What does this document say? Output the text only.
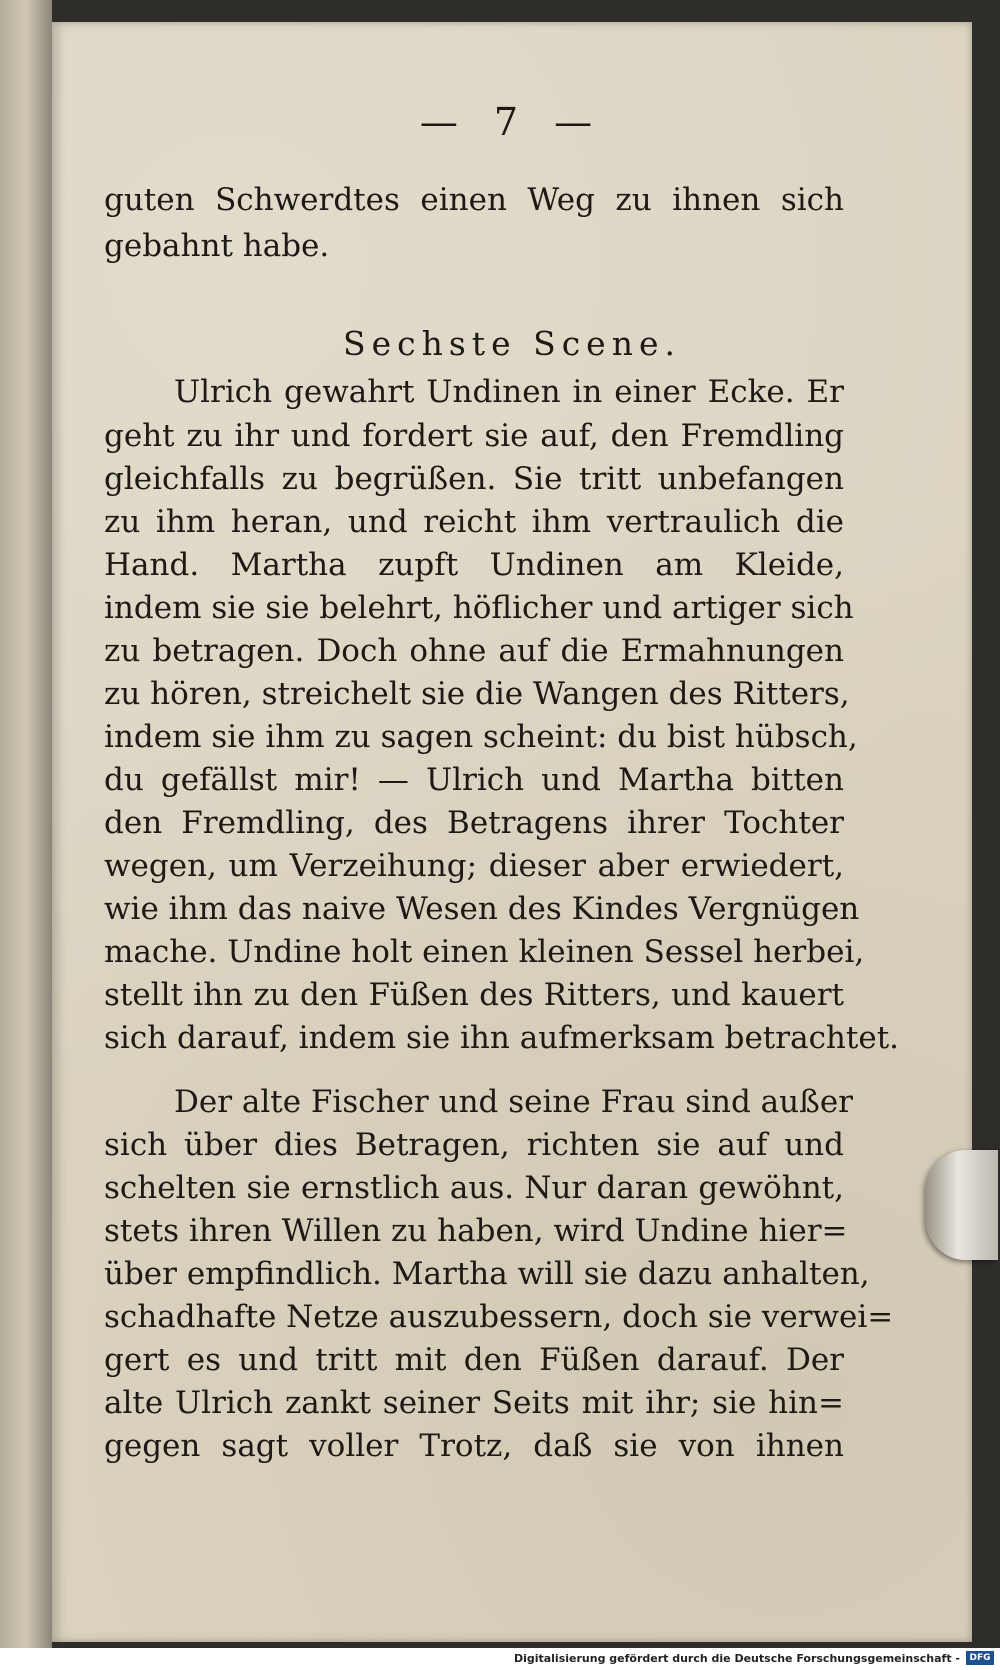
— 7 —
guten Schwerdtes einen Weg zu ihnen sich
gebahnt habe.
Sechste Scene.
Ulrich gewahrt Undinen in einer Ecke. Er
geht zu ihr und fordert sie auf, den Fremdling
gleichfalls zu begrüßen. Sie tritt unbefangen
zu ihm heran, und reicht ihm vertraulich die
Hand. Martha zupft Undinen am Kleide,
indem sie sie belehrt, höflicher und artiger sich
zu betragen. Doch ohne auf die Ermahnungen
zu hören, streichelt sie die Wangen des Ritters,
indem sie ihm zu sagen scheint: du bist hübsch,
du gefällst mir! — Ulrich und Martha bitten
den Fremdling, des Betragens ihrer Tochter
wegen, um Verzeihung; dieser aber erwiedert,
wie ihm das naive Wesen des Kindes Vergnügen
mache. Undine holt einen kleinen Sessel herbei,
stellt ihn zu den Füßen des Ritters, und kauert
sich darauf, indem sie ihn aufmerksam betrachtet.
Der alte Fischer und seine Frau sind außer
sich über dies Betragen, richten sie auf und
schelten sie ernstlich aus. Nur daran gewöhnt,
stets ihren Willen zu haben, wird Undine hier=
über empfindlich. Martha will sie dazu anhalten,
schadhafte Netze auszubessern, doch sie verwei=
gert es und tritt mit den Füßen darauf. Der
alte Ulrich zankt seiner Seits mit ihr; sie hin=
gegen sagt voller Trotz, daß sie von ihnen
Digitalisierung gefördert durch die Deutsche Forschungsgemeinschaft -	DFG
